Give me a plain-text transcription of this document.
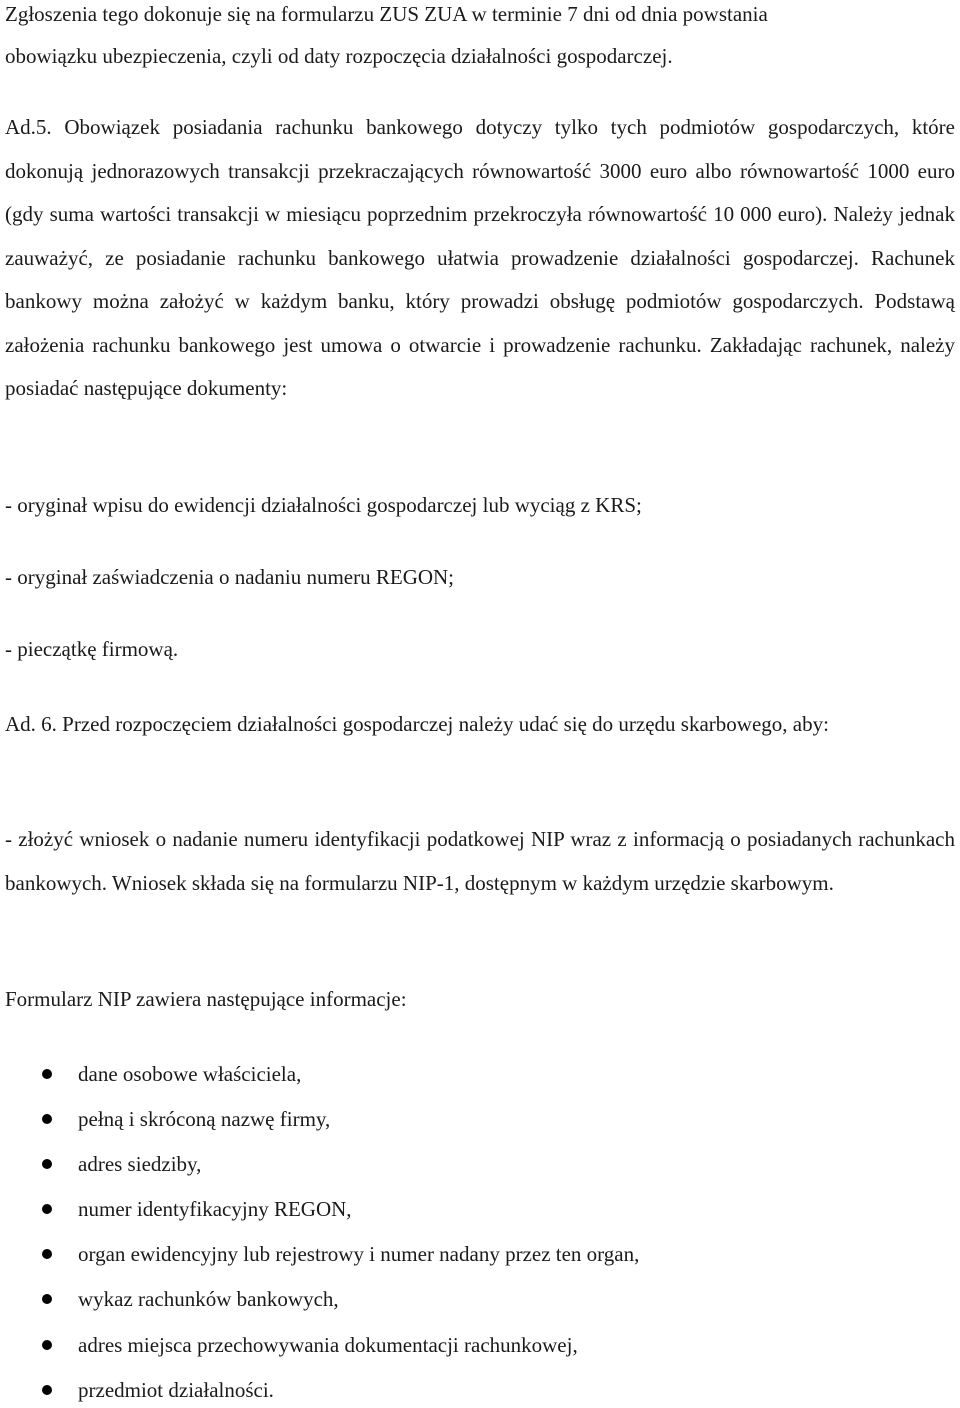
Zgłoszenia tego dokonuje się na formularzu ZUS ZUA w terminie 7 dni od dnia powstania
obowiązku ubezpieczenia, czyli od daty rozpoczęcia działalności gospodarczej.
Ad.5. Obowiązek posiadania rachunku bankowego dotyczy tylko tych podmiotów gospodarczych, które dokonują jednorazowych transakcji przekraczających równowartość 3000 euro albo równowartość 1000 euro (gdy suma wartości transakcji w miesiącu poprzednim przekroczyła równowartość 10 000 euro). Należy jednak zauważyć, ze posiadanie rachunku bankowego ułatwia prowadzenie działalności gospodarczej. Rachunek bankowy można założyć w każdym banku, który prowadzi obsługę podmiotów gospodarczych. Podstawą założenia rachunku bankowego jest umowa o otwarcie i prowadzenie rachunku. Zakładając rachunek, należy posiadać następujące dokumenty:
- oryginał wpisu do ewidencji działalności gospodarczej lub wyciąg z KRS;
- oryginał zaświadczenia o nadaniu numeru REGON;
- pieczątkę firmową.
Ad. 6. Przed rozpoczęciem działalności gospodarczej należy udać się do urzędu skarbowego, aby:
- złożyć wniosek o nadanie numeru identyfikacji podatkowej NIP wraz z informacją o posiadanych rachunkach bankowych. Wniosek składa się na formularzu NIP-1, dostępnym w każdym urzędzie skarbowym.
Formularz NIP zawiera następujące informacje:
dane osobowe właściciela,
pełną i skróconą nazwę firmy,
adres siedziby,
numer identyfikacyjny REGON,
organ ewidencyjny lub rejestrowy i numer nadany przez ten organ,
wykaz rachunków bankowych,
adres miejsca przechowywania dokumentacji rachunkowej,
przedmiot działalności.
